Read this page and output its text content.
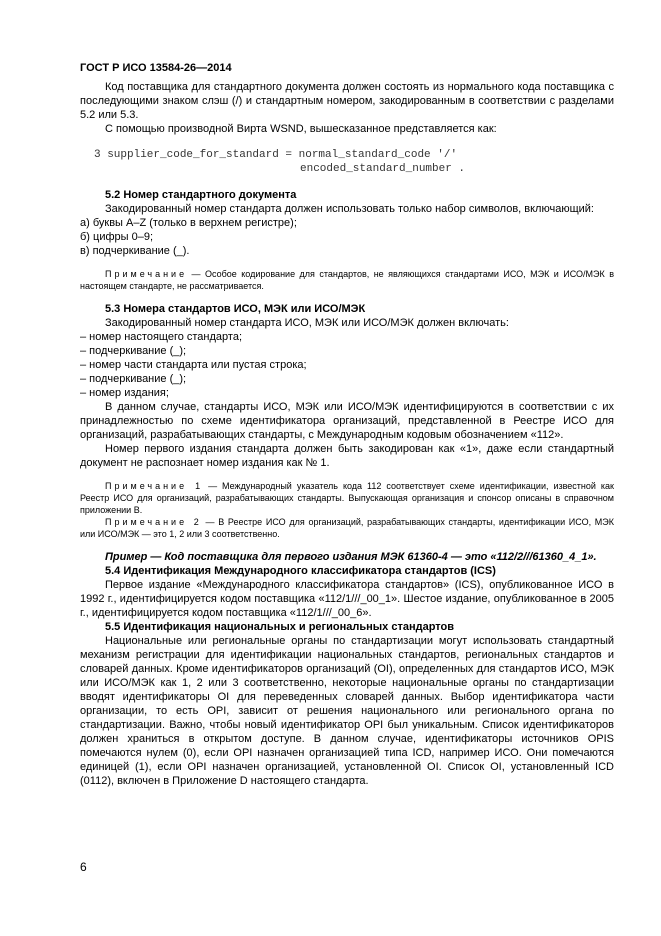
ГОСТ Р ИСО 13584-26—2014

Код поставщика для стандартного документа должен состоять из нормального кода поставщика с последующими знаком слэш (/) и стандартным номером, закодированным в соответствии с разделами 5.2 или 5.3.

С помощью производной Вирта WSND, вышесказанное представляется как:

3 supplier_code_for_standard = normal_standard_code '/'
encoded_standard_number .
5.2 Номер стандартного документа

Закодированный номер стандарта должен использовать только набор символов, включающий:

а) буквы A–Z (только в верхнем регистре);

б) цифры 0–9;

в) подчеркивание (_).

Примечание — Особое кодирование для стандартов, не являющихся стандартами ИСО, МЭК и ИСО/МЭК в настоящем стандарте, не рассматривается.

5.3 Номера стандартов ИСО, МЭК или ИСО/МЭК

Закодированный номер стандарта ИСО, МЭК или ИСО/МЭК должен включать:

– номер настоящего стандарта;

– подчеркивание (_);

– номер части стандарта или пустая строка;

– подчеркивание (_);

– номер издания;

В данном случае, стандарты ИСО, МЭК или ИСО/МЭК идентифицируются в соответствии с их принадлежностью по схеме идентификатора организаций, представленной в Реестре ИСО для организаций, разрабатывающих стандарты, с Международным кодовым обозначением «112».

Номер первого издания стандарта должен быть закодирован как «1», даже если стандартный документ не распознает номер издания как № 1.

Примечание 1 — Международный указатель кода 112 соответствует схеме идентификации, известной как Реестр ИСО для организаций, разрабатывающих стандарты. Выпускающая организация и спонсор описаны в справочном приложении В.

Примечание 2 — В Реестре ИСО для организаций, разрабатывающих стандарты, идентификации ИСО, МЭК или ИСО/МЭК — это 1, 2 или 3 соответственно.

Пример — Код поставщика для первого издания МЭК 61360-4 — это «112/2///61360_4_1».

5.4 Идентификация Международного классификатора стандартов (ICS)

Первое издание «Международного классификатора стандартов» (ICS), опубликованное ИСО в 1992 г., идентифицируется кодом поставщика «112/1///_00_1». Шестое издание, опубликованное в 2005 г., идентифицируется кодом поставщика «112/1///_00_6».

5.5 Идентификация национальных и региональных стандартов

Национальные или региональные органы по стандартизации могут использовать стандартный механизм регистрации для идентификации национальных стандартов, региональных стандартов и словарей данных. Кроме идентификаторов организаций (OI), определенных для стандартов ИСО, МЭК или ИСО/МЭК как 1, 2 или 3 соответственно, некоторые национальные органы по стандартизации вводят идентификаторы OI для переведенных словарей данных. Выбор идентификатора части организации, то есть OPI, зависит от решения национального или регионального органа по стандартизации. Важно, чтобы новый идентификатор OPI был уникальным. Список идентификаторов должен храниться в открытом доступе. В данном случае, идентификаторы источников OPIS помечаются нулем (0), если OPI назначен организацией типа ICD, например ИСО. Они помечаются единицей (1), если OPI назначен организацией, установленной OI. Список OI, установленный ICD (0112), включен в Приложение D настоящего стандарта.

6
